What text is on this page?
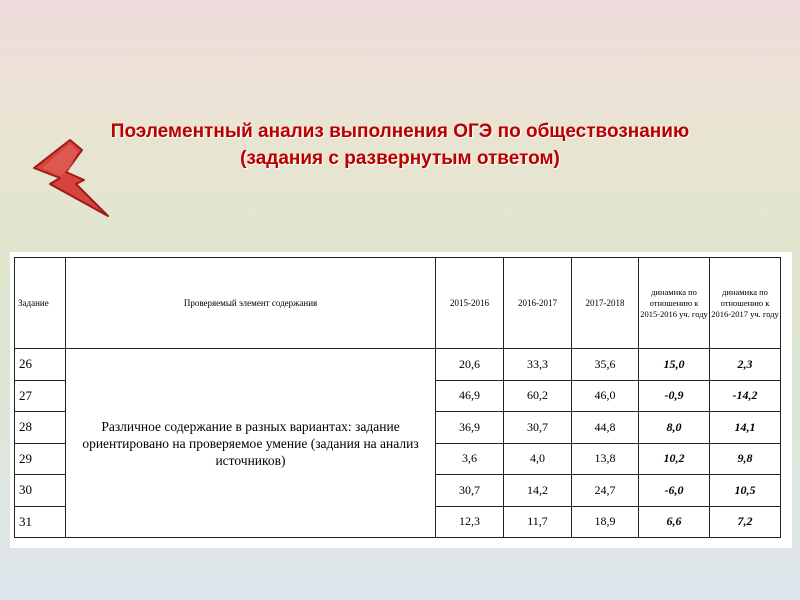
Поэлементный анализ выполнения ОГЭ по обществознанию
(задания с развернутым ответом)
Задание	Проверяемый элемент содержания	2015-2016	2016-2017	2017-2018	динамика по отношению к 2015-2016 уч. году	динамика по отношению к 2016-2017 уч. году
26	Различное содержание в разных вариантах: задание ориентировано на проверяемое умение (задания на анализ источников)	20,6	33,3	35,6	15,0	2,3
27		46,9	60,2	46,0	-0,9	-14,2
28		36,9	30,7	44,8	8,0	14,1
29		3,6	4,0	13,8	10,2	9,8
30		30,7	14,2	24,7	-6,0	10,5
31		12,3	11,7	18,9	6,6	7,2
